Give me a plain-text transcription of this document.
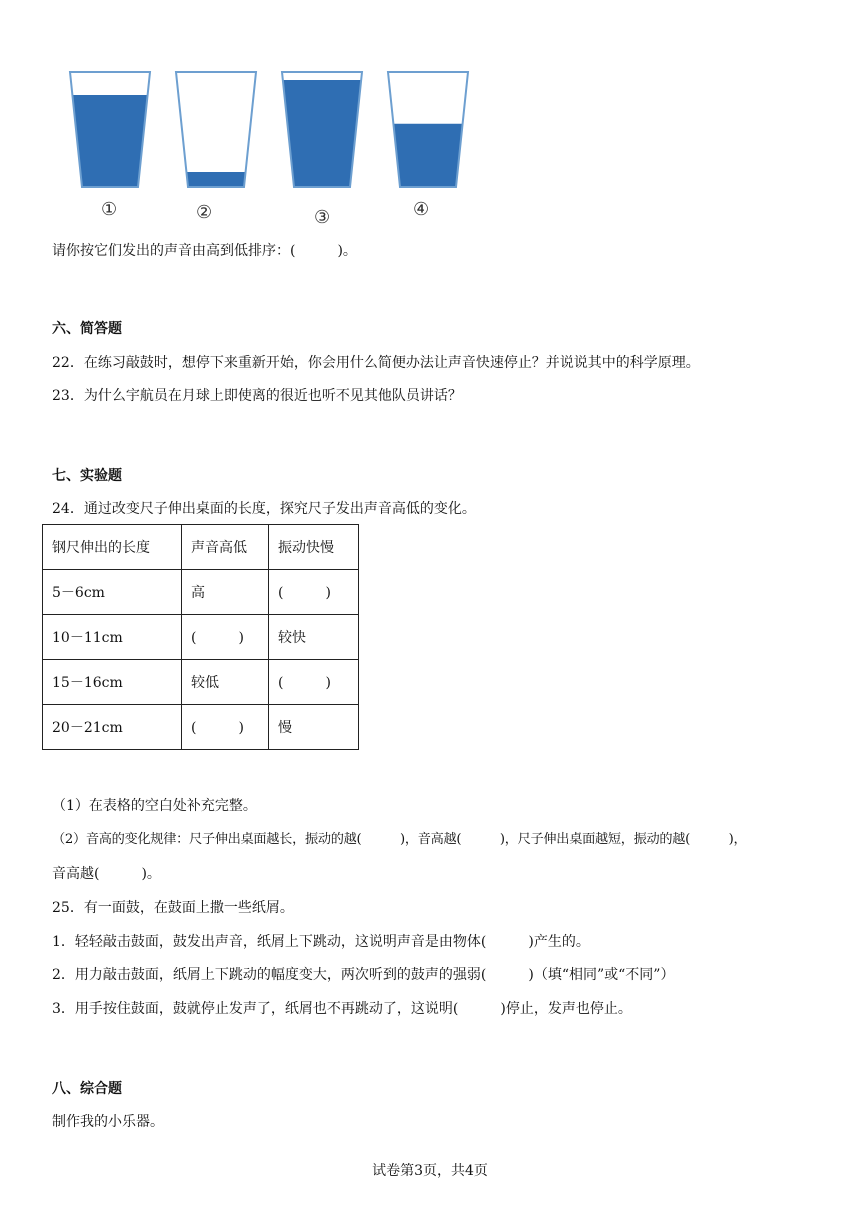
①	②	③	④
请你按它们发出的声音由高到低排序：(　　　)。
六、简答题
22．在练习敲鼓时，想停下来重新开始，你会用什么简便办法让声音快速停止？并说说其中的科学原理。
23．为什么宇航员在月球上即使离的很近也听不见其他队员讲话？
七、实验题
24．通过改变尺子伸出桌面的长度，探究尺子发出声音高低的变化。
钢尺伸出的长度	声音高低	振动快慢
5－6cm	高	(　　　)
10－11cm	(　　　)	较快
15－16cm	较低	(　　　)
20－21cm	(　　　)	慢
（1）在表格的空白处补充完整。
（2）音高的变化规律：尺子伸出桌面越长，振动的越(　　　)，音高越(　　　)，尺子伸出桌面越短，振动的越(　　　)，
音高越(　　　)。
25．有一面鼓，在鼓面上撒一些纸屑。
1．轻轻敲击鼓面，鼓发出声音，纸屑上下跳动，这说明声音是由物体(　　　)产生的。
2．用力敲击鼓面，纸屑上下跳动的幅度变大，两次听到的鼓声的强弱(　　　)（填“相同”或“不同”）
3．用手按住鼓面，鼓就停止发声了，纸屑也不再跳动了，这说明(　　　)停止，发声也停止。
八、综合题
制作我的小乐器。
试卷第3页，共4页
